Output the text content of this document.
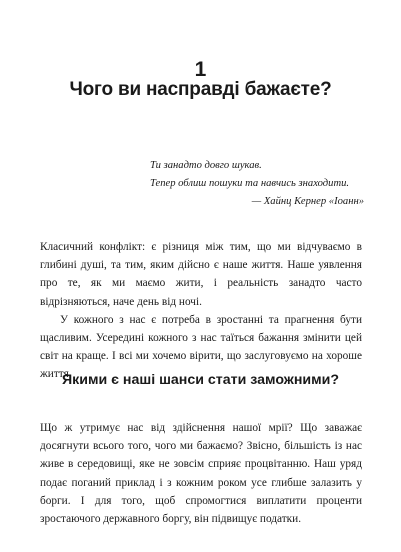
1
Чого ви насправді бажаєте?

Ти занадто довго шукав.

Тепер облиш пошуки та навчись знаходити.

— Хайнц Кернер «Іоанн»

Класичний конфлікт: є різниця між тим, що ми відчуваємо в глибині душі, та тим, яким дійсно є наше життя. Наше уявлення про те, як ми маємо жити, і реальність занадто часто відрізняються, наче день від ночі.

У кожного з нас є потреба в зростанні та прагнення бути щасливим. Усередині кожного з нас таїться бажання змінити цей світ на краще. І всі ми хочемо вірити, що заслуговуємо на хороше життя.

Якими є наші шанси стати заможними?

Що ж утримує нас від здійснення нашої мрії? Що заважає досягнути всього того, чого ми бажаємо? Звісно, більшість із нас живе в середовищі, яке не зовсім сприяє процвітанню. Наш уряд подає поганий приклад і з кожним роком усе глибше залазить у борги. І для того, щоб спромогтися виплатити проценти зростаючого державного боргу, він підвищує податки.
